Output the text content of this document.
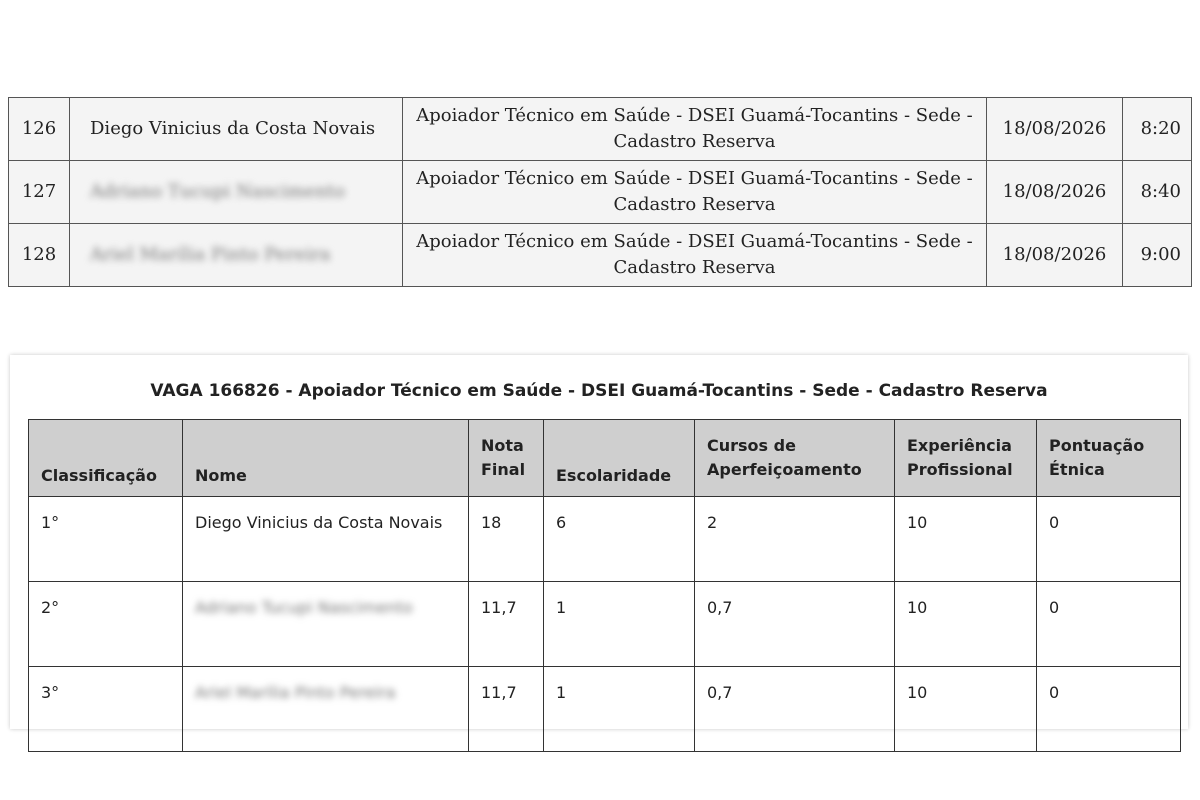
126	Diego Vinicius da Costa Novais	Apoiador Técnico em Saúde - DSEI Guamá-Tocantins - Sede - Cadastro Reserva	18/08/2026	8:20
127	Adriano Tucupi Nascimento	Apoiador Técnico em Saúde - DSEI Guamá-Tocantins - Sede - Cadastro Reserva	18/08/2026	8:40
128	Ariel Marília Pinto Pereira	Apoiador Técnico em Saúde - DSEI Guamá-Tocantins - Sede - Cadastro Reserva	18/08/2026	9:00
VAGA 166826 - Apoiador Técnico em Saúde - DSEI Guamá-Tocantins - Sede - Cadastro Reserva
Classificação	Nome	Nota Final	Escolaridade	Cursos de Aperfeiçoamento	Experiência Profissional	Pontuação Étnica
1°	Diego Vinicius da Costa Novais	18	6	2	10	0
2°	Adriano Tucupi Nascimento	11,7	1	0,7	10	0
3°	Ariel Marília Pinto Pereira	11,7	1	0,7	10	0
